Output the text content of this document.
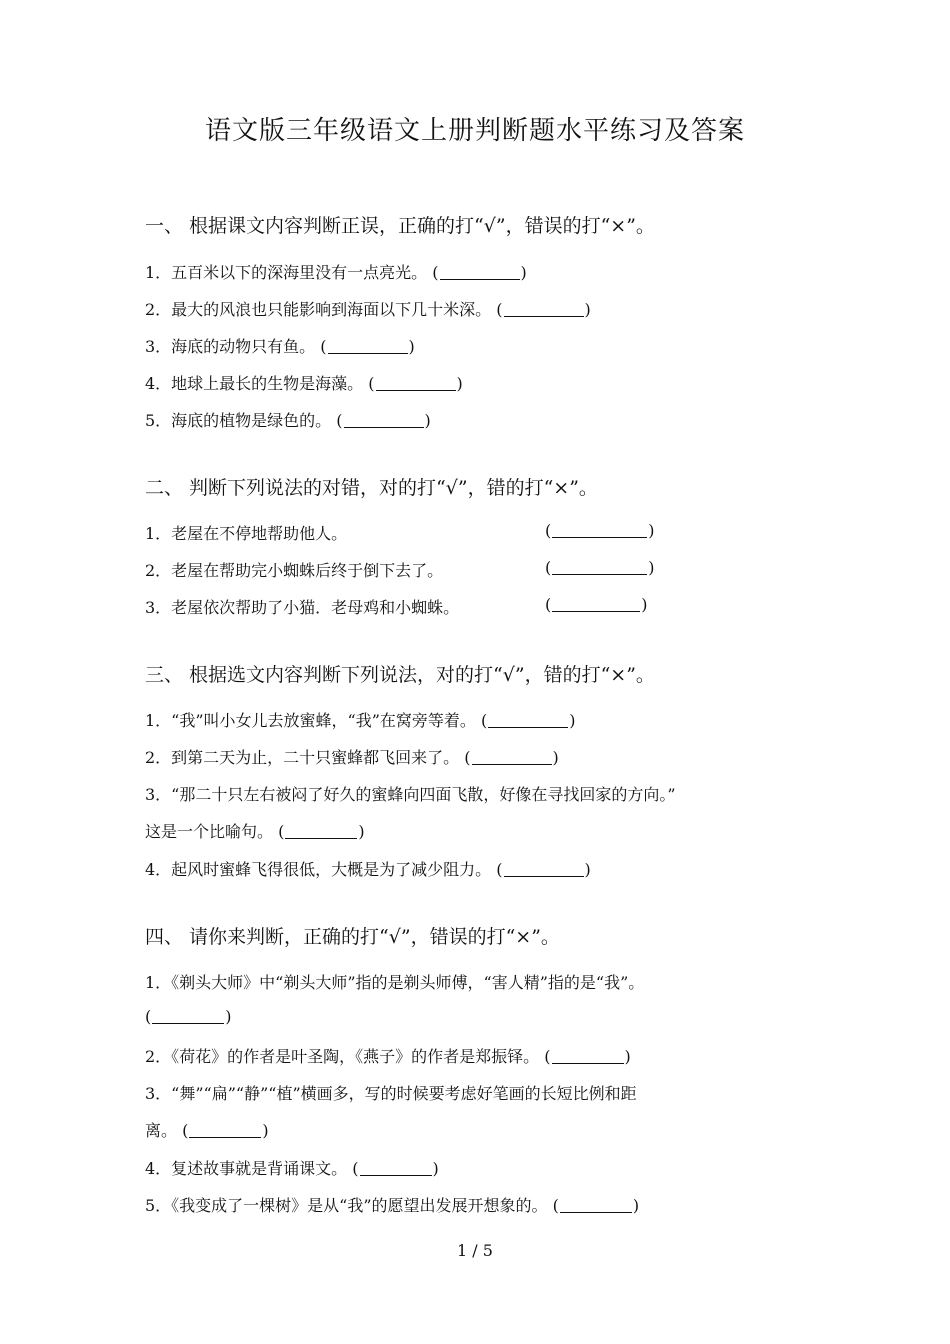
语文版三年级语文上册判断题水平练习及答案
一、 根据课文内容判断正误，正确的打“√”，错误的打“×”。
1．五百米以下的深海里没有一点亮光。 (	)
2．最大的风浪也只能影响到海面以下几十米深。 (	)
3．海底的动物只有鱼。 (	)
4．地球上最长的生物是海藻。 (	)
5．海底的植物是绿色的。 (	)
二、 判断下列说法的对错，对的打“√”，错的打“×”。
1．老屋在不停地帮助他人。	(	)
2．老屋在帮助完小蜘蛛后终于倒下去了。	(	)
3．老屋依次帮助了小猫．老母鸡和小蜘蛛。	(	)
三、 根据选文内容判断下列说法，对的打“√”，错的打“×”。
1．“我”叫小女儿去放蜜蜂，“我”在窝旁等着。 (	)
2．到第二天为止，二十只蜜蜂都飞回来了。 (	)
3．“那二十只左右被闷了好久的蜜蜂向四面飞散，好像在寻找回家的方向。”
这是一个比喻句。 (	)
4．起风时蜜蜂飞得很低，大概是为了减少阻力。 (	)
四、 请你来判断，正确的打“√”，错误的打“×”。
1．《剃头大师》中“剃头大师”指的是剃头师傅，“害人精”指的是“我”。
(	)
2．《荷花》的作者是叶圣陶，《燕子》的作者是郑振铎。 (	)
3．“舞”“扁”“静”“植”横画多，写的时候要考虑好笔画的长短比例和距
离。 (	)
4．复述故事就是背诵课文。 (	)
5．《我变成了一棵树》是从“我”的愿望出发展开想象的。 (	)
1 / 5
